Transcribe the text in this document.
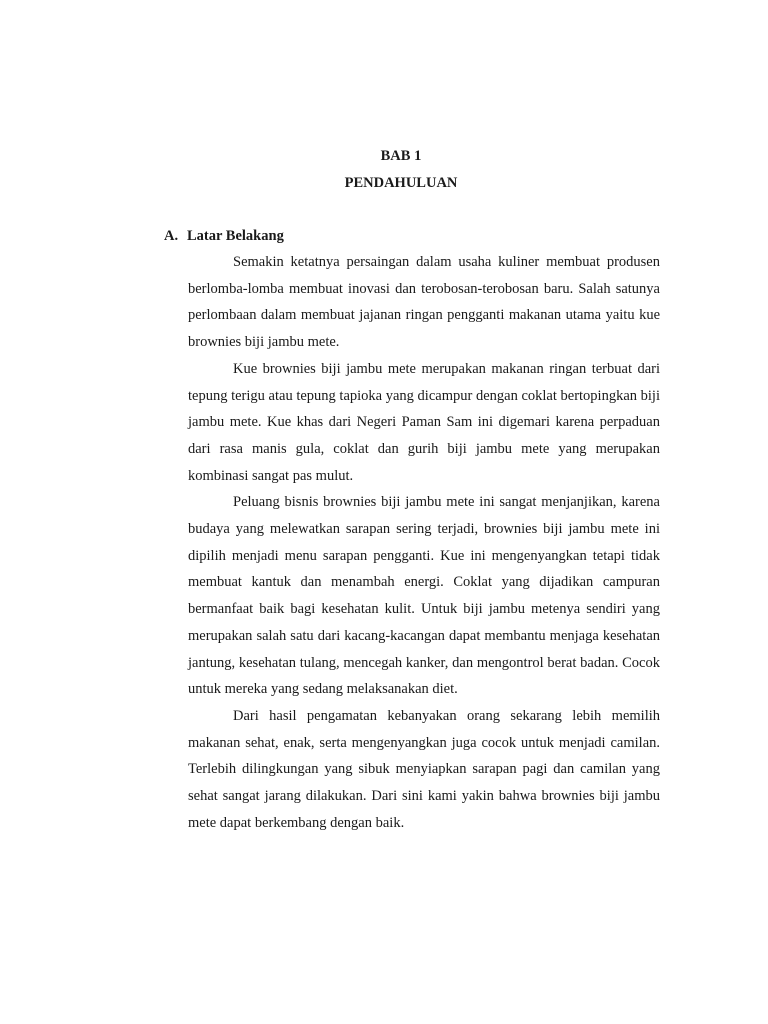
BAB 1
PENDAHULUAN
A. Latar Belakang

Semakin ketatnya persaingan dalam usaha kuliner membuat produsen berlomba-lomba membuat inovasi dan terobosan-terobosan baru. Salah satunya perlombaan dalam membuat jajanan ringan pengganti makanan utama yaitu kue brownies biji jambu mete.

Kue brownies biji jambu mete merupakan makanan ringan terbuat dari tepung terigu atau tepung tapioka yang dicampur dengan coklat bertopingkan biji jambu mete. Kue khas dari Negeri Paman Sam ini digemari karena perpaduan dari rasa manis gula, coklat dan gurih biji jambu mete yang merupakan kombinasi sangat pas mulut.

Peluang bisnis brownies biji jambu mete ini sangat menjanjikan, karena budaya yang melewatkan sarapan sering terjadi, brownies biji jambu mete ini dipilih menjadi menu sarapan pengganti. Kue ini mengenyangkan tetapi tidak membuat kantuk dan menambah energi. Coklat yang dijadikan campuran bermanfaat baik bagi kesehatan kulit. Untuk biji jambu metenya sendiri yang merupakan salah satu dari kacang-kacangan dapat membantu menjaga kesehatan jantung, kesehatan tulang, mencegah kanker, dan mengontrol berat badan. Cocok untuk mereka yang sedang melaksanakan diet.

Dari hasil pengamatan kebanyakan orang sekarang lebih memilih makanan sehat, enak, serta mengenyangkan juga cocok untuk menjadi camilan. Terlebih dilingkungan yang sibuk menyiapkan sarapan pagi dan camilan yang sehat sangat jarang dilakukan. Dari sini kami yakin bahwa brownies biji jambu mete dapat berkembang dengan baik.
